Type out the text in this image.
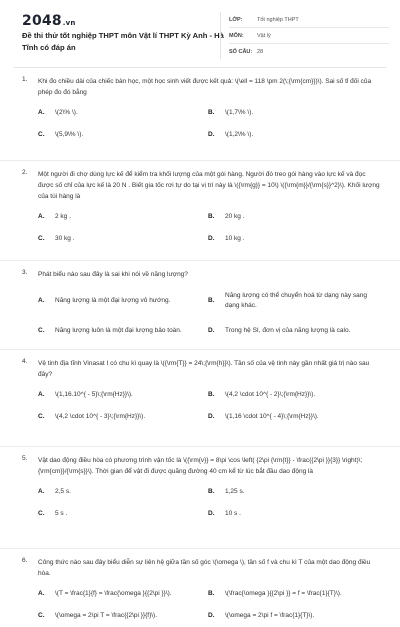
2048.vn
Đề thi thử tốt nghiệp THPT môn Vật lí THPT Kỳ Anh - Hà Tĩnh có đáp án
LỚP:	Tốt nghiệp THPT
MÔN:	Vật lý
SỐ CÂU: 28
1. Khi đo chiều dài của chiếc bàn học, một học sinh viết được kết quả: \(\ell = 118 \pm 2(\;{\rm{cm}})\). Sai số tỉ đối của phép đo đó bằng
A.	\(2\% \).	B.	\(1,7\% \).
C.	\(5,9\% \).	D.	\(1,2\% \).
2. Một người đi chợ dùng lực kế để kiểm tra khối lượng của một gói hàng. Người đó treo gói hàng vào lực kế và đọc được số chỉ của lực kế là 20 N . Biết gia tốc rơi tự do tại vị trí này là \({\rm{g}} = 10\) \({\rm{m}}/{\rm{s}}^2}\). Khối lượng của túi hàng là
A.	2 kg .	B.	20 kg .
C.	30 kg .	D.	10 kg .
3. Phát biểu nào sau đây là sai khi nói về năng lượng?
A.	Năng lượng là một đại lượng vô hướng.	B.
Năng lượng có thể chuyển hoá từ dạng này sang dạng khác.
C.	Năng lượng luôn là một đại lượng bảo toàn.	D.	Trong hệ SI, đơn vị của năng lượng là calo.
4. Vệ tinh địa tĩnh Vinasat I có chu kì quay là \({\rm{T}} = 24\;{\rm{h}}\). Tần số của vệ tinh này gần nhất giá trị nào sau đây?
A.	\(1,16.10^{ - 5}\;{\rm{Hz}}\).	B.	\(4,2 \cdot 10^{ - 2}\;{\rm{Hz}}\).
C.	\(4,2 \cdot 10^{ - 3}\;{\rm{Hz}}\).	D.	\(1,16 \cdot 10^{ - 4}\;{\rm{Hz}}\).
5. Vật dao động điều hòa có phương trình vận tốc là \({\rm{v}} = 8\pi \cos \left( {2\pi {\rm{t}} - \frac{{2\pi }}{3}} \right)\;{\rm{cm}}/{\rm{s}}\). Thời gian để vật đi được quãng đường 40 cm kể từ lúc bắt đầu dao động là
A.	2,5 s.	B.	1,25 s.
C.	5 s .	D.	10 s .
6. Công thức nào sau đây biểu diễn sự liên hệ giữa tần số góc \(\omega \), tần số f và chu kì T của một dao động điều hòa.
A.	\(T = \frac{1}{f} = \frac{\omega }{{2\pi }}\).	B.	\(\frac{\omega }{{2\pi }} = f = \frac{1}{T}\).
C.	\(\omega = 2\pi T = \frac{{2\pi }}{f}\).	D.	\(\omega = 2\pi f = \frac{1}{T}\).
